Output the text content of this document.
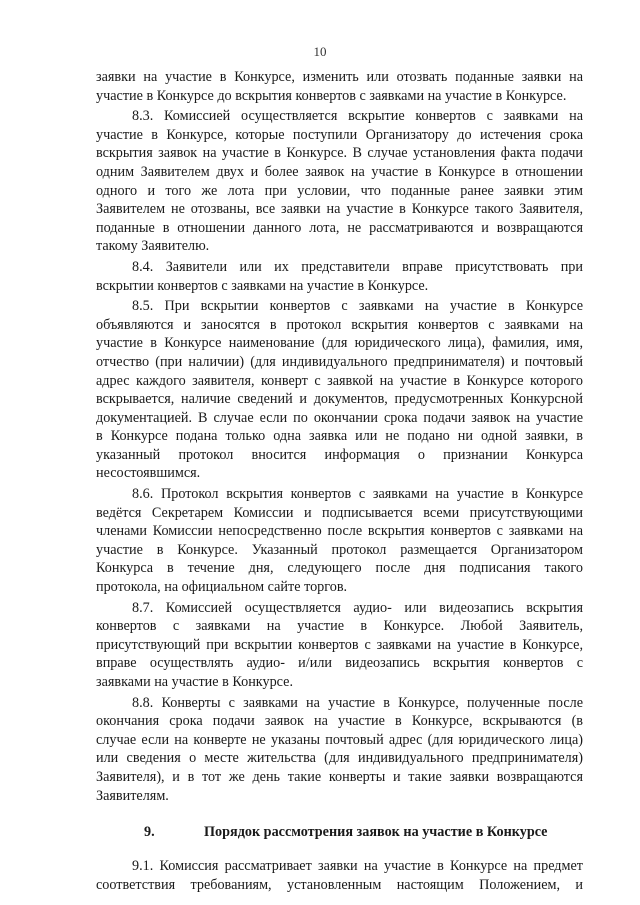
10
заявки на участие в Конкурсе, изменить или отозвать поданные заявки на
участие в Конкурсе до вскрытия конвертов с заявками на участие в Конкурсе.
8.3. Комиссией осуществляется вскрытие конвертов с заявками на
участие в Конкурсе, которые поступили Организатору до истечения срока
вскрытия заявок на участие в Конкурсе. В случае установления факта подачи
одним Заявителем двух и более заявок на участие в Конкурсе в отношении
одного и того же лота при условии, что поданные ранее заявки этим
Заявителем не отозваны, все заявки на участие в Конкурсе такого Заявителя,
поданные в отношении данного лота, не рассматриваются и возвращаются
такому Заявителю.
8.4. Заявители или их представители вправе присутствовать при
вскрытии конвертов с заявками на участие в Конкурсе.
8.5. При вскрытии конвертов с заявками на участие в Конкурсе
объявляются и заносятся в протокол вскрытия конвертов с заявками на
участие в Конкурсе наименование (для юридического лица), фамилия, имя,
отчество (при наличии) (для индивидуального предпринимателя) и почтовый
адрес каждого заявителя, конверт с заявкой на участие в Конкурсе которого
вскрывается, наличие сведений и документов, предусмотренных Конкурсной
документацией. В случае если по окончании срока подачи заявок на участие
в Конкурсе подана только одна заявка или не подано ни одной заявки, в
указанный протокол вносится информация о признании Конкурса
несостоявшимся.
8.6. Протокол вскрытия конвертов с заявками на участие в Конкурсе
ведётся Секретарем Комиссии и подписывается всеми присутствующими
членами Комиссии непосредственно после вскрытия конвертов с заявками на
участие в Конкурсе. Указанный протокол размещается Организатором
Конкурса в течение дня, следующего после дня подписания такого
протокола, на официальном сайте торгов.
8.7. Комиссией осуществляется аудио- или видеозапись вскрытия
конвертов с заявками на участие в Конкурсе. Любой Заявитель,
присутствующий при вскрытии конвертов с заявками на участие в Конкурсе,
вправе осуществлять аудио- и/или видеозапись вскрытия конвертов с
заявками на участие в Конкурсе.
8.8. Конверты с заявками на участие в Конкурсе, полученные после
окончания срока подачи заявок на участие в Конкурсе, вскрываются (в
случае если на конверте не указаны почтовый адрес (для юридического лица)
или сведения о месте жительства (для индивидуального предпринимателя)
Заявителя), и в тот же день такие конверты и такие заявки возвращаются
Заявителям.
9.	Порядок рассмотрения заявок на участие в Конкурсе
9.1. Комиссия рассматривает заявки на участие в Конкурсе на предмет
соответствия требованиям, установленным настоящим Положением, и
